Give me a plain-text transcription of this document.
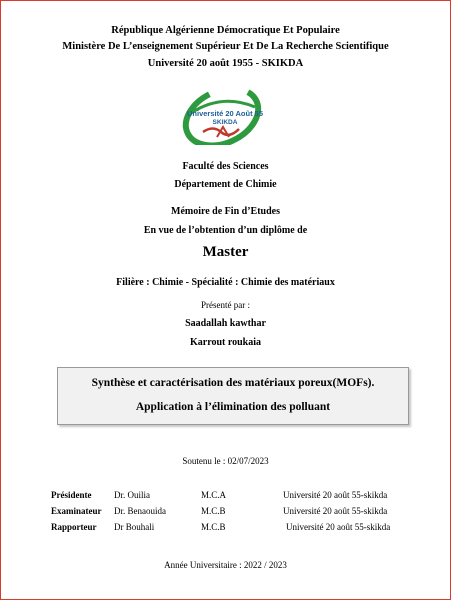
République Algérienne Démocratique Et Populaire
Ministère De L’enseignement Supérieur Et De La Recherche Scientifique
Université 20 août 1955 - SKIKDA
Université 20 Août 55
SKIKDA
Faculté des Sciences
Département de Chimie
Mémoire de Fin d’Etudes
En vue de l’obtention d’un diplôme de
Master
Filière : Chimie - Spécialité : Chimie des matériaux
Présenté par :
Saadallah kawthar
Karrout roukaia
Synthèse et caractérisation des matériaux poreux(MOFs).
Application à l’élimination des polluant
Soutenu le : 02/07/2023
Présidente	Dr. Ouilia	M.C.A	Université 20 août 55-skikda
Examinateur Dr. Benaouida	M.C.B	Université 20 août 55-skikda
Rapporteur Dr Bouhali	M.C.B	Université 20 août 55-skikda
Année Universitaire : 2022 / 2023
